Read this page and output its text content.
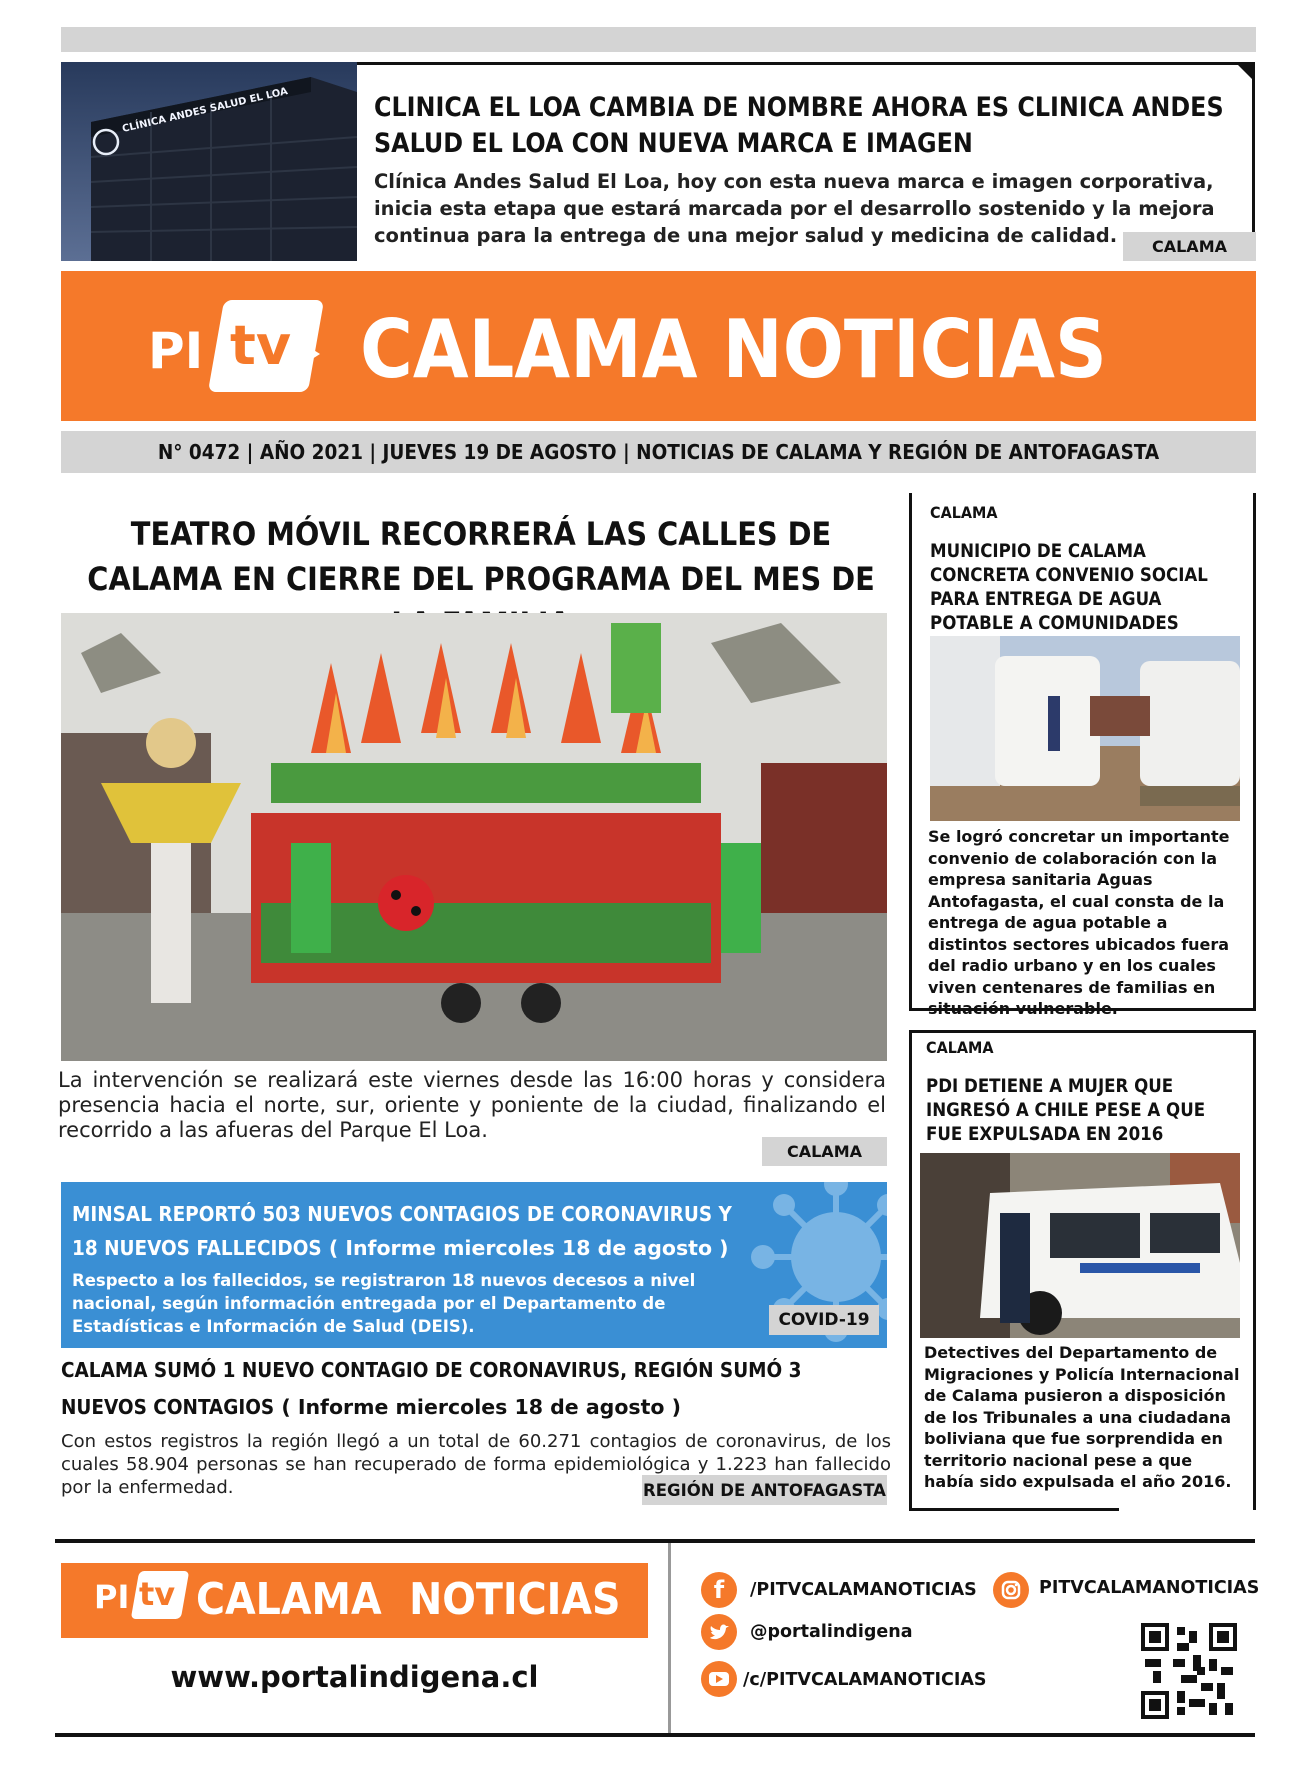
CLÍNICA ANDES SALUD EL LOA	CLINICA EL LOA CAMBIA DE NOMBRE AHORA ES CLINICA ANDES SALUD EL LOA CON NUEVA MARCA E IMAGEN
Clínica Andes Salud El Loa, hoy con esta nueva marca e imagen corporativa, inicia esta etapa que estará marcada por el desarrollo sostenido y la mejora continua para la entrega de una mejor salud y medicina de calidad.	CALAMA
PI tv CALAMA NOTICIAS
N° 0472 | AÑO 2021 | JUEVES 19 DE AGOSTO | NOTICIAS DE CALAMA Y REGIÓN DE ANTOFAGASTA
TEATRO MÓVIL RECORRERÁ LAS CALLES DE CALAMA EN CIERRE DEL PROGRAMA DEL MES DE
La intervención se realizará este viernes desde las 16:00 horas y considera presencia hacia el norte, sur, oriente y poniente de la ciudad, finalizando el recorrido a las afueras del Parque El Loa.
CALAMA
MINSAL REPORTÓ 503 NUEVOS CONTAGIOS DE CORONAVIRUS Y 18 NUEVOS FALLECIDOS ( Informe miercoles 18 de agosto )
Respecto a los fallecidos, se registraron 18 nuevos decesos a nivel nacional, según información entregada por el Departamento de Estadísticas e Información de Salud (DEIS).	COVID-19
CALAMA SUMÓ 1 NUEVO CONTAGIO DE CORONAVIRUS, REGIÓN SUMÓ 3 NUEVOS CONTAGIOS ( Informe miercoles 18 de agosto )
Con estos registros la región llegó a un total de 60.271 contagios de coronavirus, de los cuales 58.904 personas se han recuperado de forma epidemiológica y 1.223 han fallecido por la enfermedad.	REGIÓN DE ANTOFAGASTA
CALAMA
MUNICIPIO DE CALAMA CONCRETA CONVENIO SOCIAL PARA ENTREGA DE AGUA POTABLE A COMUNIDADES
Se logró concretar un importante convenio de colaboración con la empresa sanitaria Aguas Antofagasta, el cual consta de la entrega de agua potable a distintos sectores ubicados fuera del radio urbano y en los cuales viven centenares de familias en situación vulnerable.
CALAMA
PDI DETIENE A MUJER QUE INGRESÓ A CHILE PESE A QUE FUE EXPULSADA EN 2016
Detectives del Departamento de Migraciones y Policía Internacional de Calama pusieron a disposición de los Tribunales a una ciudadana boliviana que fue sorprendida en territorio nacional pese a que había sido expulsada el año 2016.
PI tv CALAMA  NOTICIAS
www.portalindigena.cl
f	/PITVCALAMANOTICIAS
@portalindigena
/c/PITVCALAMANOTICIAS
PITVCALAMANOTICIAS
